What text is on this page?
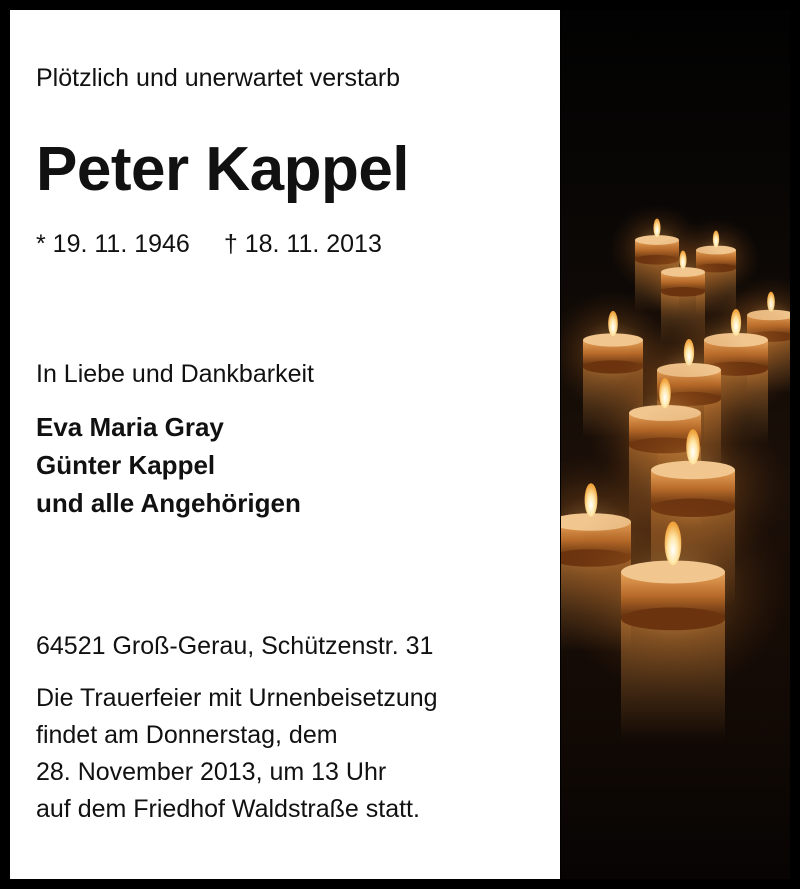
Plötzlich und unerwartet verstarb

Peter Kappel

* 19. 11. 1946 † 18. 11. 2013

In Liebe und Dankbarkeit

Eva Maria Gray
Günter Kappel
und alle Angehörigen

64521 Groß-Gerau, Schützenstr. 31

Die Trauerfeier mit Urnenbeisetzung
findet am Donnerstag, dem
28. November 2013, um 13 Uhr
auf dem Friedhof Waldstraße statt.
